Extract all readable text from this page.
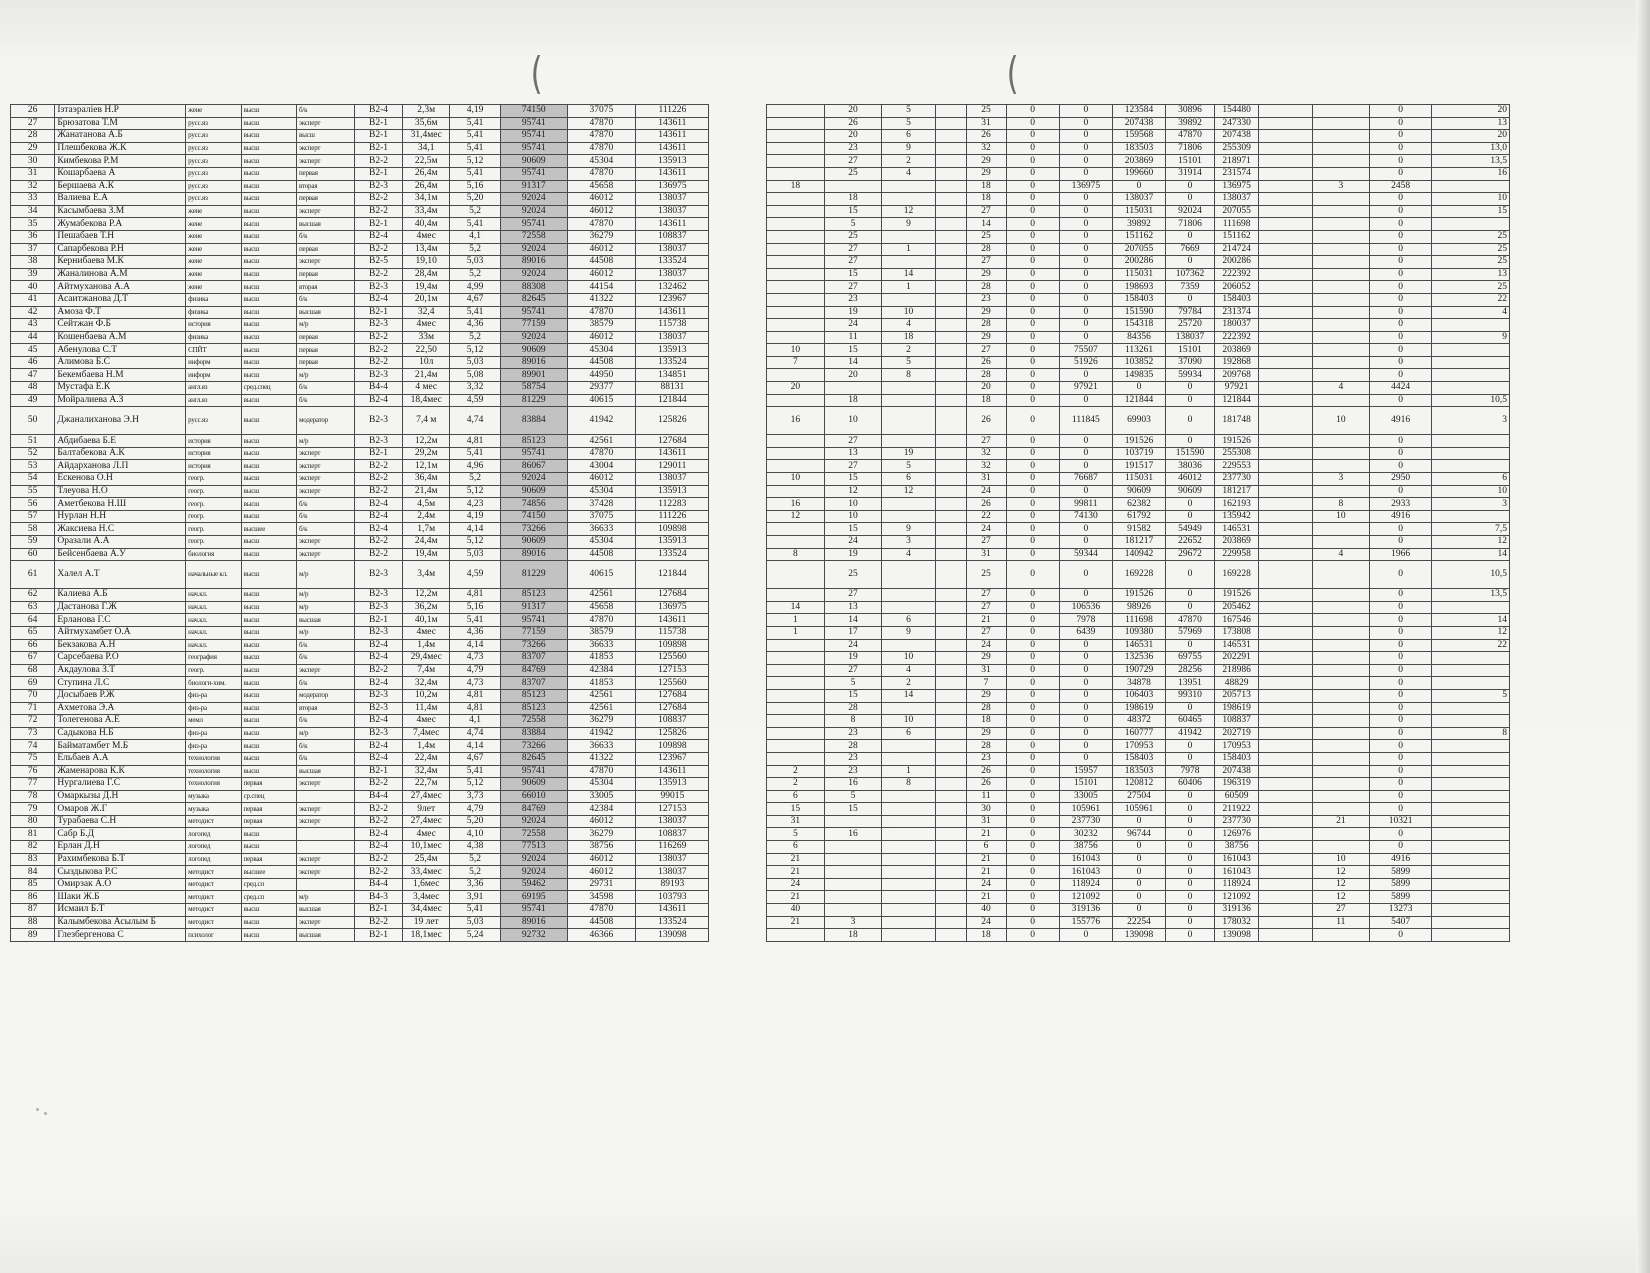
(	(
26	Ізтаэраліев Н.Р	жене	высш	б/к	B2-4	2,3м	4,19	74150	37075	111226			20	5		25	0	0	123584	30896	154480			0	20
27	Брюзатова Т.М	русс.яз	высш	эксперт	B2-1	35,6м	5,41	95741	47870	143611			26	5		31	0	0	207438	39892	247330			0	13
28	Жанатанова А.Б	русс.яз	высш	высш	B2-1	31,4мес	5,41	95741	47870	143611			20	6		26	0	0	159568	47870	207438			0	20
29	Плешбекова Ж.К	русс.яз	высш	эксперт	B2-1	34,1	5,41	95741	47870	143611			23	9		32	0	0	183503	71806	255309			0	13,0
30	Кимбекова Р.М	русс.яз	высш	эксперт	B2-2	22,5м	5,12	90609	45304	135913			27	2		29	0	0	203869	15101	218971			0	13,5
31	Кошарбаева А	русс.яз	высш	первая	B2-1	26,4м	5,41	95741	47870	143611			25	4		29	0	0	199660	31914	231574			0	16
32	Бершаева А.К	русс.яз	высш	вторая	B2-3	26,4м	5,16	91317	45658	136975		18				18	0	136975	0	0	136975		3	2458	
33	Валиева Е.А	русс.яз	высш	первая	B2-2	34,1м	5,20	92024	46012	138037			18			18	0	0	138037	0	138037			0	10
34	Касымбаева З.М	жене	высш	эксперт	B2-2	33,4м	5,2	92024	46012	138037			15	12		27	0	0	115031	92024	207055			0	15
35	Жумабекова Р.А	жене	высш	высшая	B2-1	40,4м	5,41	95741	47870	143611			5	9		14	0	0	39892	71806	111698			0	
36	Пешабаев Т.Н	жене	высш	б/к	B2-4	4мес	4,1	72558	36279	108837			25			25	0	0	151162	0	151162			0	25
37	Сапарбекова Р.Н	жене	высш	первая	B2-2	13,4м	5,2	92024	46012	138037			27	1		28	0	0	207055	7669	214724			0	25
38	Кернибаева М.К	жене	высш	эксперт	B2-5	19,10	5,03	89016	44508	133524			27			27	0	0	200286	0	200286			0	25
39	Жаналинова А.М	жене	высш	первая	B2-2	28,4м	5,2	92024	46012	138037			15	14		29	0	0	115031	107362	222392			0	13
40	Айтмуханова А.А	жене	высш	вторая	B2-3	19,4м	4,99	88308	44154	132462			27	1		28	0	0	198693	7359	206052			0	25
41	Асаитжанова Д.Т	физика	высш	б/к	B2-4	20,1м	4,67	82645	41322	123967			23			23	0	0	158403	0	158403			0	22
42	Амоза Ф.Т	физика	высш	высшая	B2-1	32,4	5,41	95741	47870	143611			19	10		29	0	0	151590	79784	231374			0	4
43	Сейтжан Ф.Б	история	высш	м/р	B2-3	4мес	4,36	77159	38579	115738			24	4		28	0	0	154318	25720	180037			0	
44	Кошенбаева А.М	физика	высш	первая	B2-2	33м	5,2	92024	46012	138037			11	18		29	0	0	84356	138037	222392			0	9
45	Абенулова С.Т	СПЙТ	высш	первая	B2-2	22,50	5,12	90609	45304	135913		10	15	2		27	0	75507	113261	15101	203869			0	
46	Алимова Б.С	информ	высш	первая	B2-2	10л	5,03	89016	44508	133524		7	14	5		26	0	51926	103852	37090	192868			0	
47	Бекембаева Н.М	информ	высш	м/р	B2-3	21,4м	5,08	89901	44950	134851			20	8		28	0	0	149835	59934	209768			0	
48	Мустафа Е.К	англ.яз	сред.спец	б/к	B4-4	4 мес	3,32	58754	29377	88131		20				20	0	97921	0	0	97921		4	4424	
49	Мойралиева А.З	англ.яз	высш	б/к	B2-4	18,4мес	4,59	81229	40615	121844			18			18	0	0	121844	0	121844			0	10,5
50	Джаналиханова Э.Н	русс.яз	высш	модератор	B2-3	7,4 м	4,74	83884	41942	125826		16	10			26	0	111845	69903	0	181748		10	4916	3
51	Абдибаева Б.Е	история	высш	м/р	B2-3	12,2м	4,81	85123	42561	127684			27			27	0	0	191526	0	191526			0	
52	Балтабекова А.К	история	высш	эксперт	B2-1	29,2м	5,41	95741	47870	143611			13	19		32	0	0	103719	151590	255308			0	
53	Айдарханова Л.П	история	высш	эксперт	B2-2	12,1м	4,96	86067	43004	129011			27	5		32	0	0	191517	38036	229553			0	
54	Ескенова О.Н	геогр.	высш	эксперт	B2-2	36,4м	5,2	92024	46012	138037		10	15	6		31	0	76687	115031	46012	237730		3	2950	6
55	Тлеуова Н.О	геогр.	высш	эксперт	B2-2	21,4м	5,12	90609	45304	135913			12	12		24	0	0	90609	90609	181217			0	10
56	Аметбекова Н.Ш	геогр.	высш	б/к	B2-4	4,5м	4,23	74856	37428	112283		16	10			26	0	99811	62382	0	162193		8	2933	3
57	Нурлан Н.Н	геогр.	высш	б/к	B2-4	2,4м	4,19	74150	37075	111226		12	10			22	0	74130	61792	0	135942		10	4916	
58	Жаксиева Н.С	геогр.	высшее	б/к	B2-4	1,7м	4,14	73266	36633	109898			15	9		24	0	0	91582	54949	146531			0	7,5
59	Оразали А.А	геогр.	высш	эксперт	B2-2	24,4м	5,12	90609	45304	135913			24	3		27	0	0	181217	22652	203869			0	12
60	Бейсенбаева А.У	биология	высш	эксперт	B2-2	19,4м	5,03	89016	44508	133524		8	19	4		31	0	59344	140942	29672	229958		4	1966	14
61	Халел А.Т	начальные кл.	высш	м/р	B2-3	3,4м	4,59	81229	40615	121844			25			25	0	0	169228	0	169228			0	10,5
62	Калиева А.Б	нач.кл.	высш	м/р	B2-3	12,2м	4,81	85123	42561	127684			27			27	0	0	191526	0	191526			0	13,5
63	Дастанова Г.Ж	нач.кл.	высш	м/р	B2-3	36,2м	5,16	91317	45658	136975		14	13			27	0	106536	98926	0	205462			0	
64	Ерланова Г.С	нач.кл.	высш	высшая	B2-1	40,1м	5,41	95741	47870	143611		1	14	6		21	0	7978	111698	47870	167546			0	14
65	Айтмухамбет О.А	нач.кл.	высш	м/р	B2-3	4мес	4,36	77159	38579	115738		1	17	9		27	0	6439	109380	57969	173808			0	12
66	Бекзакова А.Н	нач.кл.	высш	б/к	B2-4	1,4м	4,14	73266	36633	109898			24			24	0	0	146531	0	146531			0	22
67	Сарсебаева Р.О	география	высш	б/к	B2-4	29,4мес	4,73	83707	41853	125560			19	10		29	0	0	132536	69755	202291			0	
68	Акдаулова З.Т	геогр.	высш	эксперт	B2-2	7,4м	4,79	84769	42384	127153			27	4		31	0	0	190729	28256	218986			0	
69	Ступина Л.С	биологи-хим.	высш	б/к	B2-4	32,4м	4,73	83707	41853	125560			5	2		7	0	0	34878	13951	48829			0	
70	Досыбаев Р.Ж	физ-ра	высш	модератор	B2-3	10,2м	4,81	85123	42561	127684			15	14		29	0	0	106403	99310	205713			0	5
71	Ахметова Э.А	физ-ра	высш	вторая	B2-3	11,4м	4,81	85123	42561	127684			28			28	0	0	198619	0	198619			0	
72	Толегенова А.Е	мемл	высш	б/к	B2-4	4мес	4,1	72558	36279	108837			8	10		18	0	0	48372	60465	108837			0	
73	Садыкова Н.Б	физ-ра	высш	м/р	B2-3	7,4мес	4,74	83884	41942	125826			23	6		29	0	0	160777	41942	202719			0	8
74	Байматамбет М.Б	физ-ра	высш	б/к	B2-4	1,4м	4,14	73266	36633	109898			28			28	0	0	170953	0	170953			0	
75	Ельбаев А.А	технология	высш	б/к	B2-4	22,4м	4,67	82645	41322	123967			23			23	0	0	158403	0	158403			0	
76	Жаменарова К.К	технология	высш	высшая	B2-1	32,4м	5,41	95741	47870	143611		2	23	1		26	0	15957	183503	7978	207438			0	
77	Нургалиева Г.С	технология	первая	эксперт	B2-2	22,7м	5,12	90609	45304	135913		2	16	8		26	0	15101	120812	60406	196319			0	
78	Омаркызы Д.Н	музыка	ср.спец		B4-4	27,4мес	3,73	66010	33005	99015		6	5			11	0	33005	27504	0	60509			0	
79	Омаров Ж.Г	музыка	первая	эксперт	B2-2	9лет	4,79	84769	42384	127153		15	15			30	0	105961	105961	0	211922			0	
80	Турабаева С.Н	методист	первая	эксперт	B2-2	27,4мес	5,20	92024	46012	138037		31				31	0	237730	0	0	237730		21	10321	
81	Сабр Б.Д	логопед	высш		B2-4	4мес	4,10	72558	36279	108837		5	16			21	0	30232	96744	0	126976			0	
82	Ерлан Д.Н	логопед	высш		B2-4	10,1мес	4,38	77513	38756	116269		6				6	0	38756	0	0	38756			0	
83	Рахимбекова Б.Т	логопед	первая	эксперт	B2-2	25,4м	5,2	92024	46012	138037		21				21	0	161043	0	0	161043		10	4916	
84	Сыздыкова Р.С	методист	высшее	эксперт	B2-2	33,4мес	5,2	92024	46012	138037		21				21	0	161043	0	0	161043		12	5899	
85	Омирзак А.О	методист	сред.сп		B4-4	1,6мес	3,36	59462	29731	89193		24				24	0	118924	0	0	118924		12	5899	
86	Шаки Ж.Б	методист	сред.сп	м/р	B4-3	3,4мес	3,91	69195	34598	103793		21				21	0	121092	0	0	121092		12	5899	
87	Исмаил Б.Т	методист	высш	высшая	B2-1	34,4мес	5,41	95741	47870	143611		40				40	0	319136	0	0	319136		27	13273	
88	Калымбекова Асылым Б	методист	высш	эксперт	B2-2	19 лет	5,03	89016	44508	133524		21	3			24	0	155776	22254	0	178032		11	5407	
89	Глезбергенова С	психолог	высш	высшая	B2-1	18,1мес	5,24	92732	46366	139098			18			18	0	0	139098	0	139098			0	
